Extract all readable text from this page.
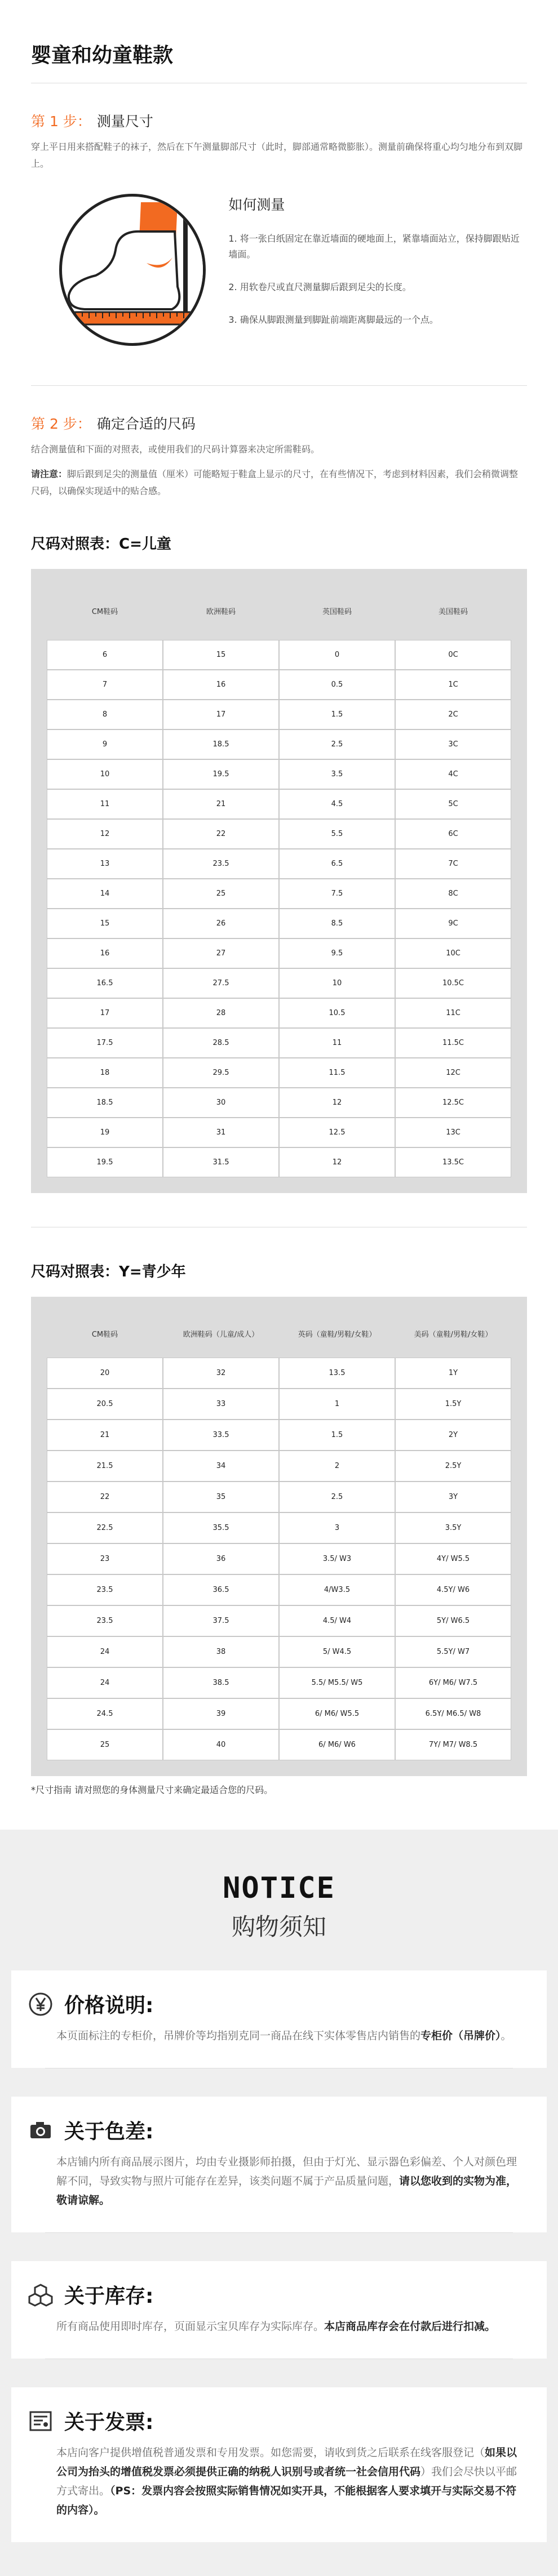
婴童和幼童鞋款
第 1 步： 测量尺寸
穿上平日用来搭配鞋子的袜子，然后在下午测量脚部尺寸（此时，脚部通常略微膨胀）。测量前确保将重心均匀地分布到双脚上。
如何测量

1. 将一张白纸固定在靠近墙面的硬地面上，紧靠墙面站立，保持脚跟贴近墙面。

2. 用软卷尺或直尺测量脚后跟到足尖的长度。

3. 确保从脚跟测量到脚趾前端距离脚最远的一个点。

第 2 步： 确定合适的尺码
结合测量值和下面的对照表，或使用我们的尺码计算器来决定所需鞋码。
请注意：脚后跟到足尖的测量值（厘米）可能略短于鞋盒上显示的尺寸，在有些情况下，考虑到材料因素，我们会稍微调整尺码，以确保实现适中的贴合感。
尺码对照表：C=儿童
CM鞋码	欧洲鞋码	英国鞋码	美国鞋码
6	15	0	0C
7	16	0.5	1C
8	17	1.5	2C
9	18.5	2.5	3C
10	19.5	3.5	4C
11	21	4.5	5C
12	22	5.5	6C
13	23.5	6.5	7C
14	25	7.5	8C
15	26	8.5	9C
16	27	9.5	10C
16.5	27.5	10	10.5C
17	28	10.5	11C
17.5	28.5	11	11.5C
18	29.5	11.5	12C
18.5	30	12	12.5C
19	31	12.5	13C
19.5	31.5	12	13.5C
尺码对照表：Y=青少年
CM鞋码	欧洲鞋码（儿童/成人）	英码（童鞋/男鞋/女鞋）	美码（童鞋/男鞋/女鞋）
20	32	13.5	1Y
20.5	33	1	1.5Y
21	33.5	1.5	2Y
21.5	34	2	2.5Y
22	35	2.5	3Y
22.5	35.5	3	3.5Y
23	36	3.5/ W3	4Y/ W5.5
23.5	36.5	4/W3.5	4.5Y/ W6
23.5	37.5	4.5/ W4	5Y/ W6.5
24	38	5/ W4.5	5.5Y/ W7
24	38.5	5.5/ M5.5/ W5	6Y/ M6/ W7.5
24.5	39	6/ M6/ W5.5	6.5Y/ M6.5/ W8
25	40	6/ M6/ W6	7Y/ M7/ W8.5
*尺寸指南 请对照您的身体测量尺寸来确定最适合您的尺码。
NOTICE
购物须知
价格说明:
本页面标注的专柜价，吊牌价等均指别克同一商品在线下实体零售店内销售的专柜价（吊牌价）。
关于色差:
本店铺内所有商品展示图片，均由专业摄影师拍摄，但由于灯光、显示器色彩偏差、个人对颜色理解不同，导致实物与照片可能存在差异，该类问题不属于产品质量问题，请以您收到的实物为准，敬请谅解。
关于库存:
所有商品使用即时库存，页面显示宝贝库存为实际库存。本店商品库存会在付款后进行扣减。
关于发票:
本店向客户提供增值税普通发票和专用发票。如您需要，请收到货之后联系在线客服登记（如果以公司为抬头的增值税发票必须提供正确的纳税人识别号或者统一社会信用代码）我们会尽快以平邮方式寄出。（PS：发票内容会按照实际销售情况如实开具，不能根据客人要求填开与实际交易不符的内容）。
